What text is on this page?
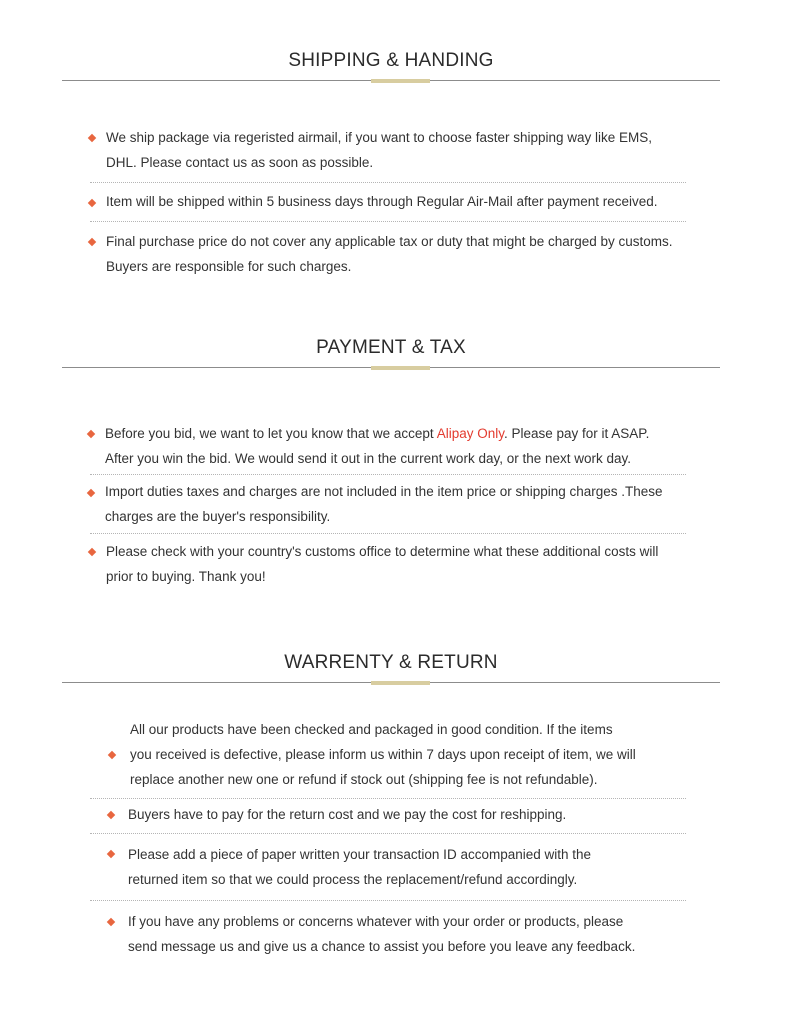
SHIPPING & HANDING
We ship package via regeristed airmail, if you want to choose faster shipping way like EMS,
DHL. Please contact us as soon as possible.
Item will be shipped within 5 business days through Regular Air-Mail after payment received.
Final purchase price do not cover any applicable tax or duty that might be charged by customs.
Buyers are responsible for such charges.
PAYMENT & TAX
Before you bid, we want to let you know that we accept Alipay Only. Please pay for it ASAP.
After you win the bid. We would send it out in the current work day, or the next work day.
Import duties taxes and charges are not included in the item price or shipping charges .These
charges are the buyer's responsibility.
Please check with your country's customs office to determine what these additional costs will
prior to buying. Thank you!
WARRENTY & RETURN
All our products have been checked and packaged in good condition. If the items
you received is defective, please inform us within 7 days upon receipt of item, we will
replace another new one or refund if stock out (shipping fee is not refundable).
Buyers have to pay for the return cost and we pay the cost for reshipping.
Please add a piece of paper written your transaction ID accompanied with the
returned item so that we could process the replacement/refund accordingly.
If you have any problems or concerns whatever with your order or products, please
send message us and give us a chance to assist you before you leave any feedback.
